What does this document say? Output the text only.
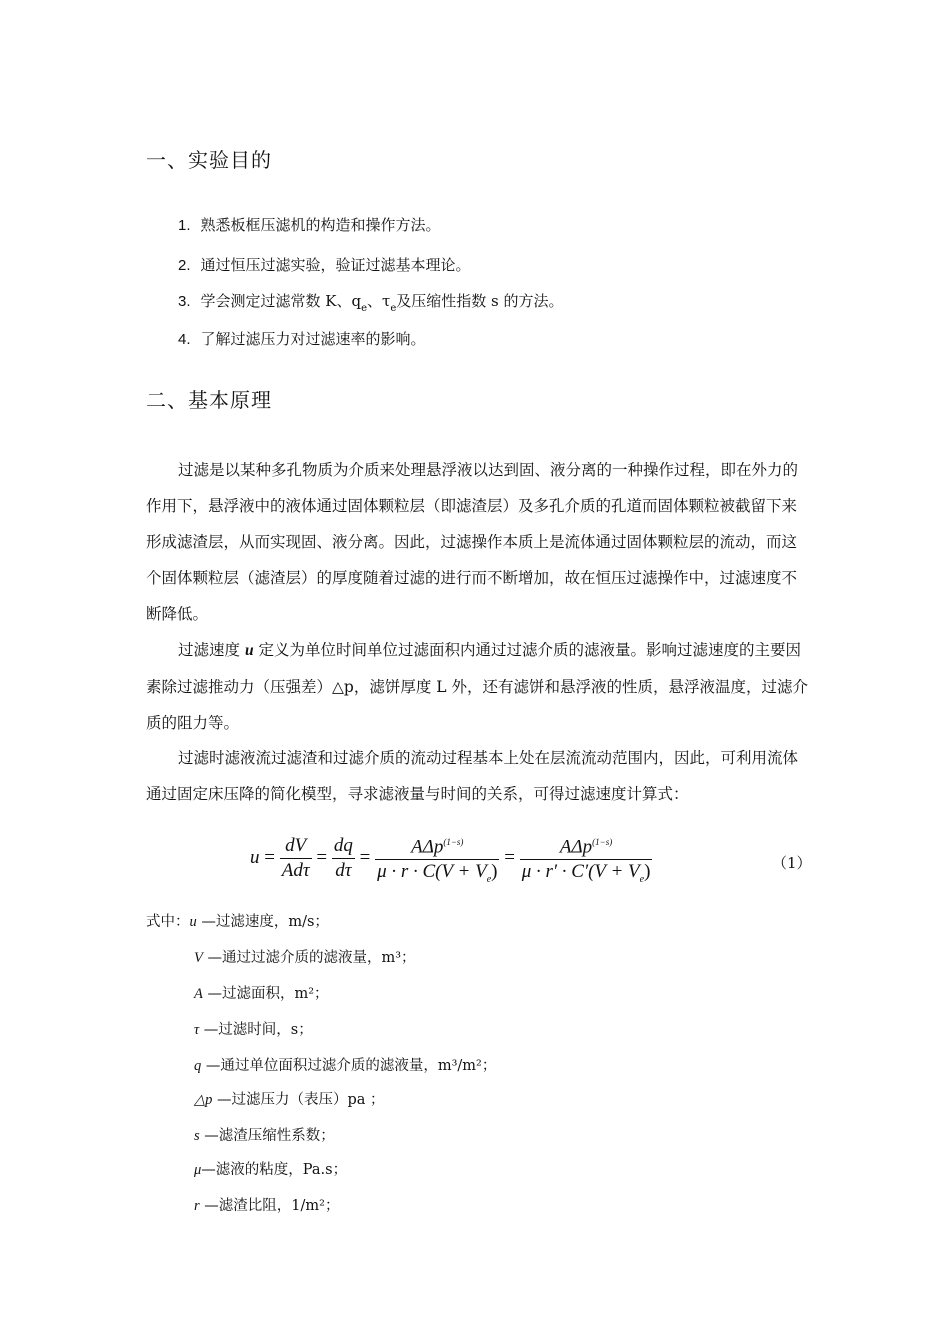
一、实验目的
1. 熟悉板框压滤机的构造和操作方法。
2. 通过恒压过滤实验，验证过滤基本理论。
3. 学会测定过滤常数 K、$q_e$、$\tau_e$及压缩性指数 s 的方法。
4. 了解过滤压力对过滤速率的影响。
二、基本原理
过滤是以某种多孔物质为介质来处理悬浮液以达到固、液分离的一种操作过程，即在外力的作用下，悬浮液中的液体通过固体颗粒层（即滤渣层）及多孔介质的孔道而固体颗粒被截留下来形成滤渣层，从而实现固、液分离。因此，过滤操作本质上是流体通过固体颗粒层的流动，而这个固体颗粒层（滤渣层）的厚度随着过滤的进行而不断增加，故在恒压过滤操作中，过滤速度不断降低。
过滤速度 u 定义为单位时间单位过滤面积内通过过滤介质的滤液量。影响过滤速度的主要因素除过滤推动力（压强差）△p，滤饼厚度 L 外，还有滤饼和悬浮液的性质，悬浮液温度，过滤介质的阻力等。
过滤时滤液流过滤渣和过滤介质的流动过程基本上处在层流流动范围内，因此，可利用流体通过固定床压降的简化模型，寻求滤液量与时间的关系，可得过滤速度计算式：
$u = \frac{dV}{\text{Adτ}} = \frac{dq}{d\tau} = \frac{A\Delta p^{(1-s)}}{\mu \cdot r \cdot C(V + V_e)} = \frac{A\Delta p^{(1-s)}}{\mu \cdot r' \cdot C'(V + V_e)}$	（1）
式中：u —过滤速度，m/s；
V —通过过滤介质的滤液量，m³；
A —过滤面积，m²；
τ —过滤时间，s；
q —通过单位面积过滤介质的滤液量，m³/m²；
△p —过滤压力（表压）pa ；
s —滤渣压缩性系数；
μ—滤液的粘度，Pa.s；
r —滤渣比阻，1/m²；
